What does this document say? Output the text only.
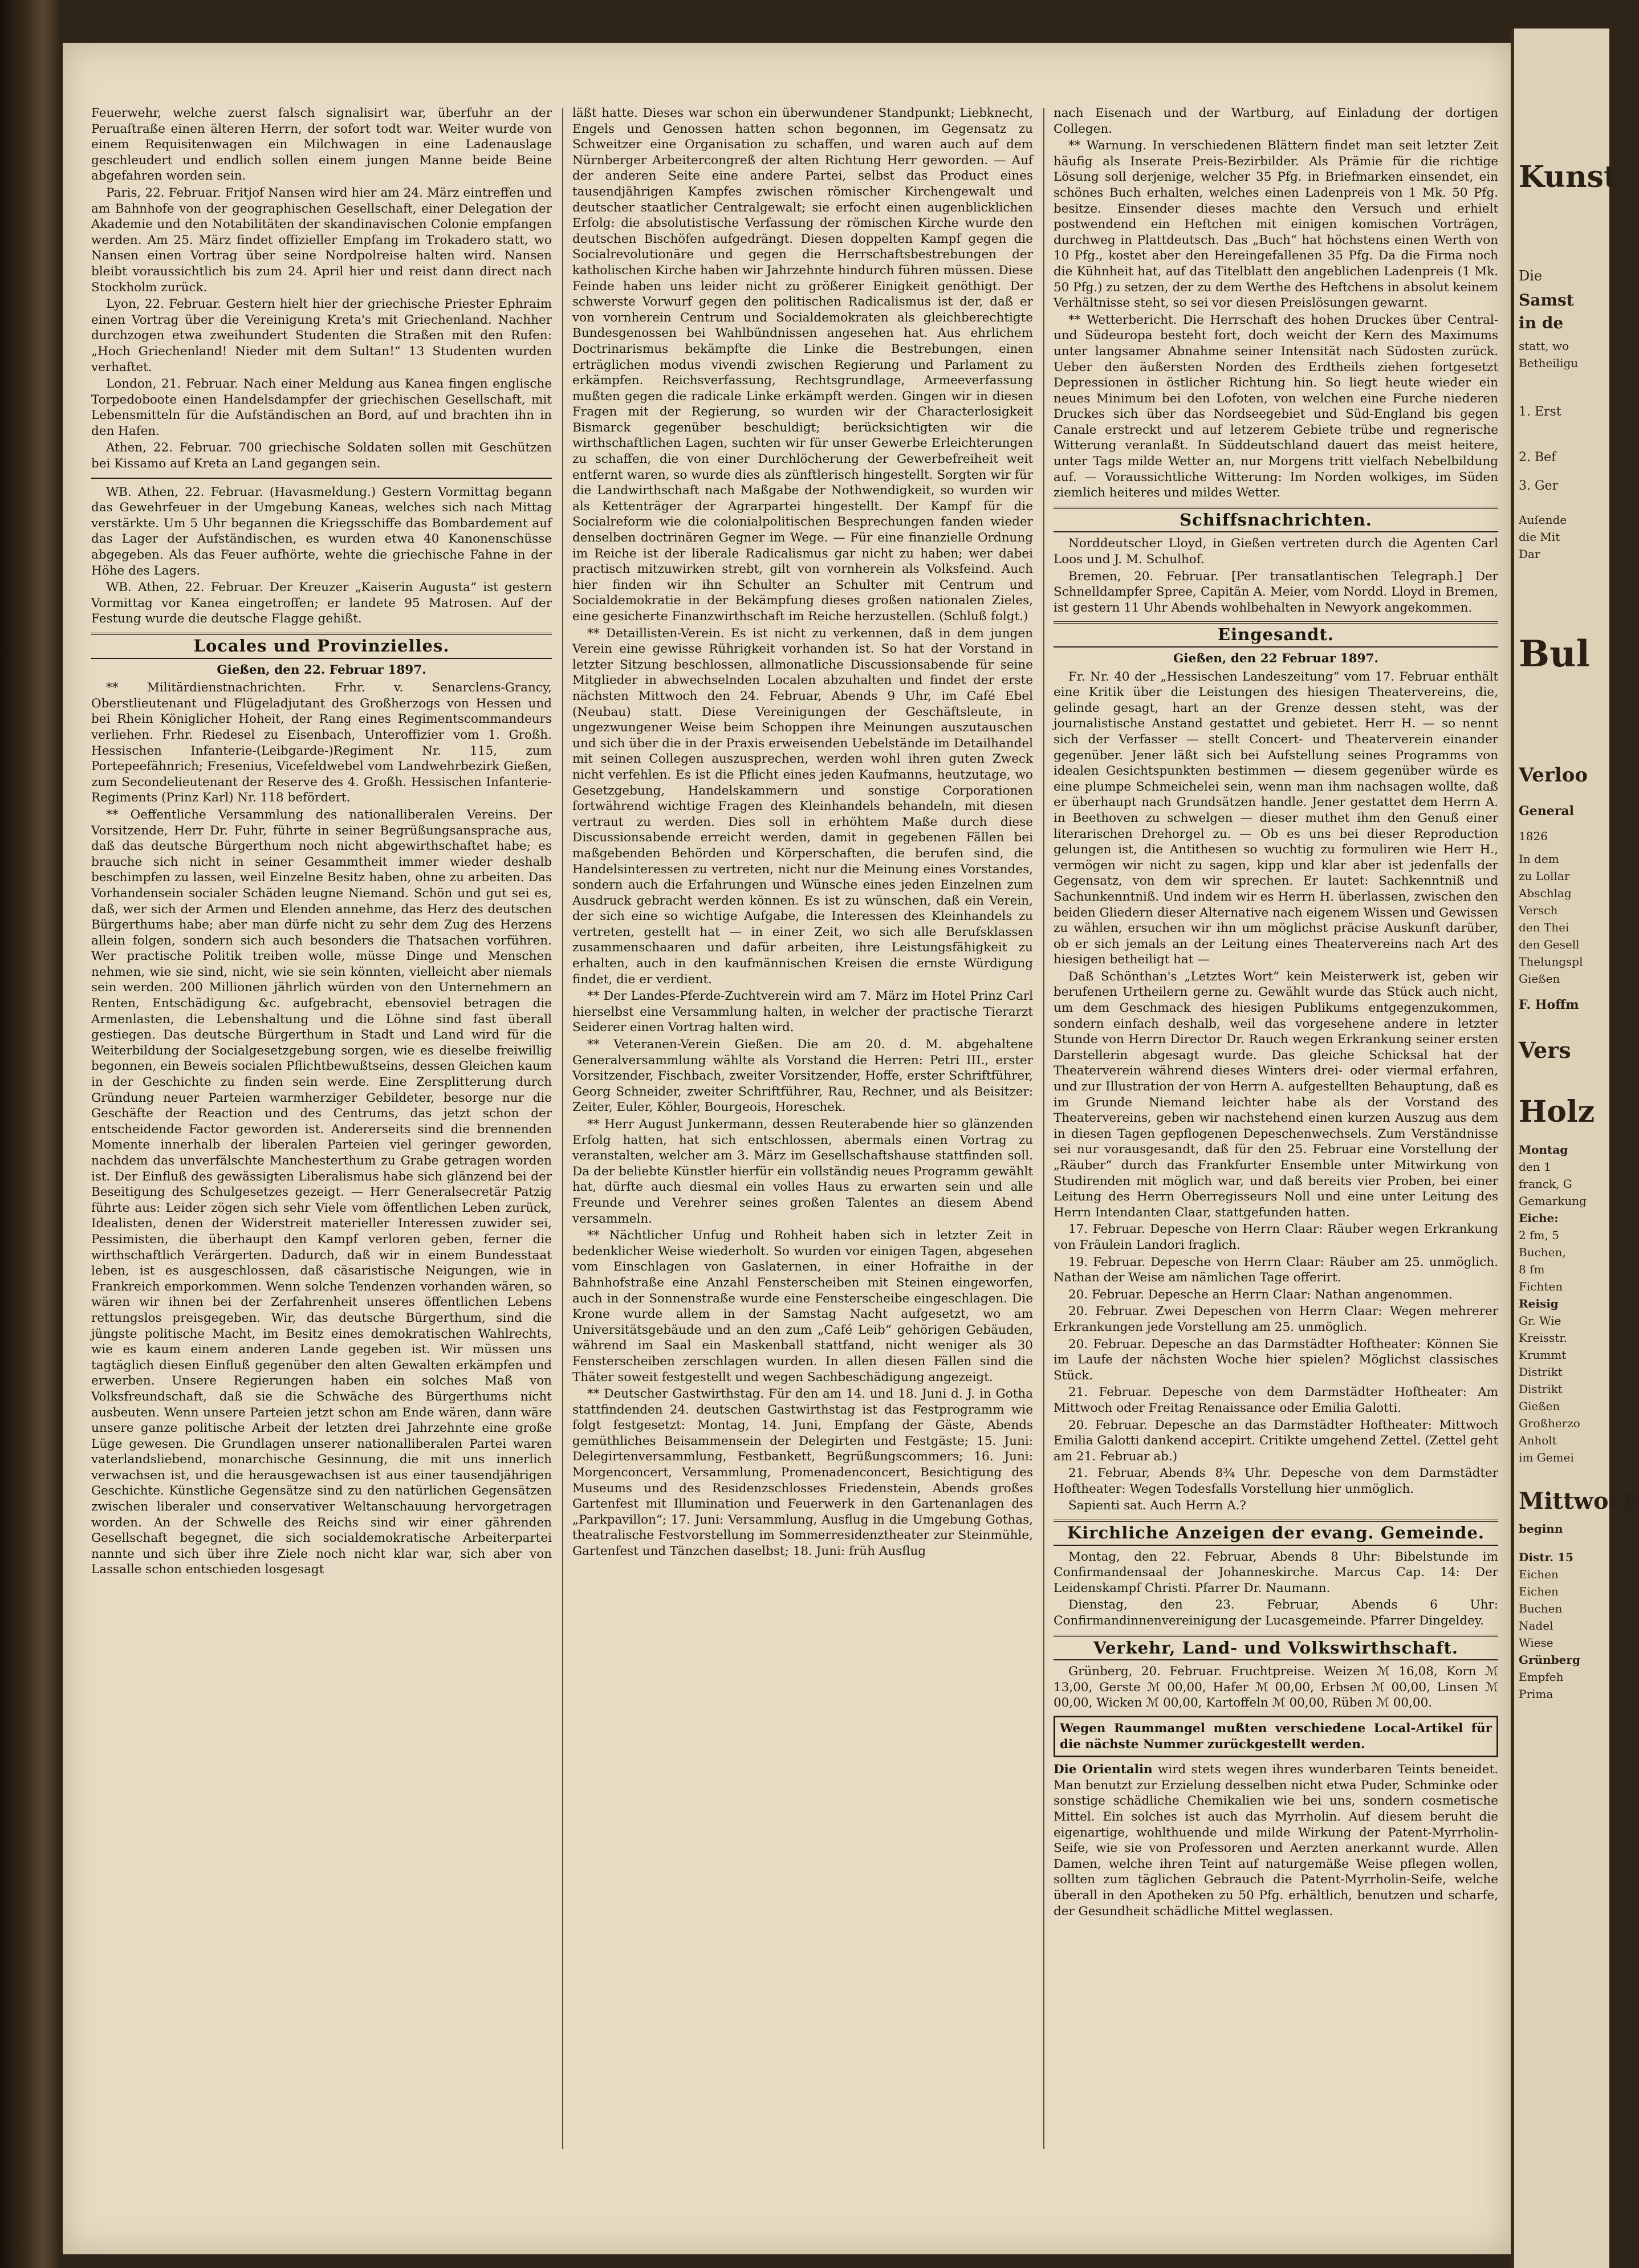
Feuerwehr, welche zuerst falsch signalisirt war, überfuhr an der Peruaſtraße einen älteren Herrn, der sofort todt war. Weiter wurde von einem Requisitenwagen ein Milchwagen in eine Ladenauslage geschleudert und endlich sollen einem jungen Manne beide Beine abgefahren worden sein.

Paris, 22. Februar. Fritjof Nansen wird hier am 24. März eintreffen und am Bahnhofe von der geographischen Gesellschaft, einer Delegation der Akademie und den Notabilitäten der skandinavischen Colonie empfangen werden. Am 25. März findet offizieller Empfang im Trokadero statt, wo Nansen einen Vortrag über seine Nordpolreise halten wird. Nansen bleibt voraussichtlich bis zum 24. April hier und reist dann direct nach Stockholm zurück.

Lyon, 22. Februar. Gestern hielt hier der griechische Priester Ephraim einen Vortrag über die Vereinigung Kreta's mit Griechenland. Nachher durchzogen etwa zweihundert Studenten die Straßen mit den Rufen: „Hoch Griechenland! Nieder mit dem Sultan!“ 13 Studenten wurden verhaftet.

London, 21. Februar. Nach einer Meldung aus Kanea fingen englische Torpedoboote einen Handelsdampfer der griechischen Gesellschaft, mit Lebensmitteln für die Aufständischen an Bord, auf und brachten ihn in den Hafen.

Athen, 22. Februar. 700 griechische Soldaten sollen mit Geschützen bei Kissamo auf Kreta an Land gegangen sein.

WB. Athen, 22. Februar. (Havasmeldung.) Gestern Vormittag begann das Gewehrfeuer in der Umgebung Kaneas, welches sich nach Mittag verstärkte. Um 5 Uhr begannen die Kriegsschiffe das Bombardement auf das Lager der Aufständischen, es wurden etwa 40 Kanonenschüsse abgegeben. Als das Feuer aufhörte, wehte die griechische Fahne in der Höhe des Lagers.

WB. Athen, 22. Februar. Der Kreuzer „Kaiserin Augusta“ ist gestern Vormittag vor Kanea eingetroffen; er landete 95 Matrosen. Auf der Festung wurde die deutsche Flagge gehißt.

Locales und Provinzielles.

Gießen, den 22. Februar 1897.

** Militärdienstnachrichten. Frhr. v. Senarclens-Grancy, Oberstlieutenant und Flügeladjutant des Großherzogs von Hessen und bei Rhein Königlicher Hoheit, der Rang eines Regimentscommandeurs verliehen. Frhr. Riedesel zu Eisenbach, Unteroffizier vom 1. Großh. Hessischen Infanterie-(Leibgarde-)Regiment Nr. 115, zum Portepeefähnrich; Fresenius, Vicefeldwebel vom Landwehrbezirk Gießen, zum Secondelieutenant der Reserve des 4. Großh. Hessischen Infanterie-Regiments (Prinz Karl) Nr. 118 befördert.

** Oeffentliche Versammlung des nationalliberalen Vereins. Der Vorsitzende, Herr Dr. Fuhr, führte in seiner Begrüßungsansprache aus, daß das deutsche Bürgerthum noch nicht abgewirthschaftet habe; es brauche sich nicht in seiner Gesammtheit immer wieder deshalb beschimpfen zu lassen, weil Einzelne Besitz haben, ohne zu arbeiten. Das Vorhandensein socialer Schäden leugne Niemand. Schön und gut sei es, daß, wer sich der Armen und Elenden annehme, das Herz des deutschen Bürgerthums habe; aber man dürfe nicht zu sehr dem Zug des Herzens allein folgen, sondern sich auch besonders die Thatsachen vorführen. Wer practische Politik treiben wolle, müsse Dinge und Menschen nehmen, wie sie sind, nicht, wie sie sein könnten, vielleicht aber niemals sein werden. 200 Millionen jährlich würden von den Unternehmern an Renten, Entschädigung &c. aufgebracht, ebensoviel betragen die Armenlasten, die Lebenshaltung und die Löhne sind fast überall gestiegen. Das deutsche Bürgerthum in Stadt und Land wird für die Weiterbildung der Socialgesetzgebung sorgen, wie es dieselbe freiwillig begonnen, ein Beweis socialen Pflichtbewußtseins, dessen Gleichen kaum in der Geschichte zu finden sein werde. Eine Zersplitterung durch Gründung neuer Parteien warmherziger Gebildeter, besorge nur die Geschäfte der Reaction und des Centrums, das jetzt schon der entscheidende Factor geworden ist. Andererseits sind die brennenden Momente innerhalb der liberalen Parteien viel geringer geworden, nachdem das unverfälschte Manchesterthum zu Grabe getragen worden ist. Der Einfluß des gewässigten Liberalismus habe sich glänzend bei der Beseitigung des Schulgesetzes gezeigt. — Herr Generalsecretär Patzig führte aus: Leider zögen sich sehr Viele vom öffentlichen Leben zurück, Idealisten, denen der Widerstreit materieller Interessen zuwider sei, Pessimisten, die überhaupt den Kampf verloren geben, ferner die wirthschaftlich Verärgerten. Dadurch, daß wir in einem Bundesstaat leben, ist es ausgeschlossen, daß cäsaristische Neigungen, wie in Frankreich emporkommen. Wenn solche Tendenzen vorhanden wären, so wären wir ihnen bei der Zerfahrenheit unseres öffentlichen Lebens rettungslos preisgegeben. Wir, das deutsche Bürgerthum, sind die jüngste politische Macht, im Besitz eines demokratischen Wahlrechts, wie es kaum einem anderen Lande gegeben ist. Wir müssen uns tagtäglich diesen Einfluß gegenüber den alten Gewalten erkämpfen und erwerben. Unsere Regierungen haben ein solches Maß von Volksfreundschaft, daß sie die Schwäche des Bürgerthums nicht ausbeuten. Wenn unsere Parteien jetzt schon am Ende wären, dann wäre unsere ganze politische Arbeit der letzten drei Jahrzehnte eine große Lüge gewesen. Die Grundlagen unserer nationalliberalen Partei waren vaterlandsliebend, monarchische Gesinnung, die mit uns innerlich verwachsen ist, und die herausgewachsen ist aus einer tausendjährigen Geschichte. Künstliche Gegensätze sind zu den natürlichen Gegensätzen zwischen liberaler und conservativer Weltanschauung hervorgetragen worden. An der Schwelle des Reichs sind wir einer gährenden Gesellschaft begegnet, die sich socialdemokratische Arbeiterpartei nannte und sich über ihre Ziele noch nicht klar war, sich aber von Lassalle schon entschieden losgesagt

läßt hatte. Dieses war schon ein überwundener Standpunkt; Liebknecht, Engels und Genossen hatten schon begonnen, im Gegensatz zu Schweitzer eine Organisation zu schaffen, und waren auch auf dem Nürnberger Arbeitercongreß der alten Richtung Herr geworden. — Auf der anderen Seite eine andere Partei, selbst das Product eines tausendjährigen Kampfes zwischen römischer Kirchengewalt und deutscher staatlicher Centralgewalt; sie erfocht einen augenblicklichen Erfolg: die absolutistische Verfassung der römischen Kirche wurde den deutschen Bischöfen aufgedrängt. Diesen doppelten Kampf gegen die Socialrevolutionäre und gegen die Herrschaftsbestrebungen der katholischen Kirche haben wir Jahrzehnte hindurch führen müssen. Diese Feinde haben uns leider nicht zu größerer Einigkeit genöthigt. Der schwerste Vorwurf gegen den politischen Radicalismus ist der, daß er von vornherein Centrum und Socialdemokraten als gleichberechtigte Bundesgenossen bei Wahlbündnissen angesehen hat. Aus ehrlichem Doctrinarismus bekämpfte die Linke die Bestrebungen, einen erträglichen modus vivendi zwischen Regierung und Parlament zu erkämpfen. Reichsverfassung, Rechtsgrundlage, Armeeverfassung mußten gegen die radicale Linke erkämpft werden. Gingen wir in diesen Fragen mit der Regierung, so wurden wir der Characterlosigkeit Bismarck gegenüber beschuldigt; berücksichtigten wir die wirthschaftlichen Lagen, suchten wir für unser Gewerbe Erleichterungen zu schaffen, die von einer Durchlöcherung der Gewerbefreiheit weit entfernt waren, so wurde dies als zünftlerisch hingestellt. Sorgten wir für die Landwirthschaft nach Maßgabe der Nothwendigkeit, so wurden wir als Kettenträger der Agrarpartei hingestellt. Der Kampf für die Socialreform wie die colonialpolitischen Besprechungen fanden wieder denselben doctrinären Gegner im Wege. — Für eine finanzielle Ordnung im Reiche ist der liberale Radicalismus gar nicht zu haben; wer dabei practisch mitzuwirken strebt, gilt von vornherein als Volksfeind. Auch hier finden wir ihn Schulter an Schulter mit Centrum und Socialdemokratie in der Bekämpfung dieses großen nationalen Zieles, eine gesicherte Finanzwirthschaft im Reiche herzustellen. (Schluß folgt.)

** Detaillisten-Verein. Es ist nicht zu verkennen, daß in dem jungen Verein eine gewisse Rührigkeit vorhanden ist. So hat der Vorstand in letzter Sitzung beschlossen, allmonatliche Discussionsabende für seine Mitglieder in abwechselnden Localen abzuhalten und findet der erste nächsten Mittwoch den 24. Februar, Abends 9 Uhr, im Café Ebel (Neubau) statt. Diese Vereinigungen der Geschäftsleute, in ungezwungener Weise beim Schoppen ihre Meinungen auszutauschen und sich über die in der Praxis erweisenden Uebelstände im Detailhandel mit seinen Collegen auszusprechen, werden wohl ihren guten Zweck nicht verfehlen. Es ist die Pflicht eines jeden Kaufmanns, heutzutage, wo Gesetzgebung, Handelskammern und sonstige Corporationen fortwährend wichtige Fragen des Kleinhandels behandeln, mit diesen vertraut zu werden. Dies soll in erhöhtem Maße durch diese Discussionsabende erreicht werden, damit in gegebenen Fällen bei maßgebenden Behörden und Körperschaften, die berufen sind, die Handelsinteressen zu vertreten, nicht nur die Meinung eines Vorstandes, sondern auch die Erfahrungen und Wünsche eines jeden Einzelnen zum Ausdruck gebracht werden können. Es ist zu wünschen, daß ein Verein, der sich eine so wichtige Aufgabe, die Interessen des Kleinhandels zu vertreten, gestellt hat — in einer Zeit, wo sich alle Berufsklassen zusammenschaaren und dafür arbeiten, ihre Leistungsfähigkeit zu erhalten, auch in den kaufmännischen Kreisen die ernste Würdigung findet, die er verdient.

** Der Landes-Pferde-Zuchtverein wird am 7. März im Hotel Prinz Carl hierselbst eine Versammlung halten, in welcher der practische Tierarzt Seiderer einen Vortrag halten wird.

** Veteranen-Verein Gießen. Die am 20. d. M. abgehaltene Generalversammlung wählte als Vorstand die Herren: Petri III., erster Vorsitzender, Fischbach, zweiter Vorsitzender, Hoffe, erster Schriftführer, Georg Schneider, zweiter Schriftführer, Rau, Rechner, und als Beisitzer: Zeiter, Euler, Köhler, Bourgeois, Horeschek.

** Herr August Junkermann, dessen Reuterabende hier so glänzenden Erfolg hatten, hat sich entschlossen, abermals einen Vortrag zu veranstalten, welcher am 3. März im Gesellschaftshause stattfinden soll. Da der beliebte Künstler hierfür ein vollständig neues Programm gewählt hat, dürfte auch diesmal ein volles Haus zu erwarten sein und alle Freunde und Verehrer seines großen Talentes an diesem Abend versammeln.

** Nächtlicher Unfug und Rohheit haben sich in letzter Zeit in bedenklicher Weise wiederholt. So wurden vor einigen Tagen, abgesehen vom Einschlagen von Gaslaternen, in einer Hofraithe in der Bahnhofstraße eine Anzahl Fensterscheiben mit Steinen eingeworfen, auch in der Sonnenstraße wurde eine Fensterscheibe eingeschlagen. Die Krone wurde allem in der Samstag Nacht aufgesetzt, wo am Universitätsgebäude und an den zum „Café Leib“ gehörigen Gebäuden, während im Saal ein Maskenball stattfand, nicht weniger als 30 Fensterscheiben zerschlagen wurden. In allen diesen Fällen sind die Thäter soweit festgestellt und wegen Sachbeschädigung angezeigt.

** Deutscher Gastwirthstag. Für den am 14. und 18. Juni d. J. in Gotha stattfindenden 24. deutschen Gastwirthstag ist das Festprogramm wie folgt festgesetzt: Montag, 14. Juni, Empfang der Gäste, Abends gemüthliches Beisammensein der Delegirten und Festgäste; 15. Juni: Delegirtenversammlung, Festbankett, Begrüßungscommers; 16. Juni: Morgenconcert, Versammlung, Promenadenconcert, Besichtigung des Museums und des Residenzschlosses Friedenstein, Abends großes Gartenfest mit Illumination und Feuerwerk in den Gartenanlagen des „Parkpavillon“; 17. Juni: Versammlung, Ausflug in die Umgebung Gothas, theatralische Festvorstellung im Sommerresidenztheater zur Steinmühle, Gartenfest und Tänzchen daselbst; 18. Juni: früh Ausflug

nach Eisenach und der Wartburg, auf Einladung der dortigen Collegen.

** Warnung. In verschiedenen Blättern findet man seit letzter Zeit häufig als Inserate Preis-Bezirbilder. Als Prämie für die richtige Lösung soll derjenige, welcher 35 Pfg. in Briefmarken einsendet, ein schönes Buch erhalten, welches einen Ladenpreis von 1 Mk. 50 Pfg. besitze. Einsender dieses machte den Versuch und erhielt postwendend ein Heftchen mit einigen komischen Vorträgen, durchweg in Plattdeutsch. Das „Buch“ hat höchstens einen Werth von 10 Pfg., kostet aber den Hereingefallenen 35 Pfg. Da die Firma noch die Kühnheit hat, auf das Titelblatt den angeblichen Ladenpreis (1 Mk. 50 Pfg.) zu setzen, der zu dem Werthe des Heftchens in absolut keinem Verhältnisse steht, so sei vor diesen Preislösungen gewarnt.

** Wetterbericht. Die Herrschaft des hohen Druckes über Central- und Südeuropa besteht fort, doch weicht der Kern des Maximums unter langsamer Abnahme seiner Intensität nach Südosten zurück. Ueber den äußersten Norden des Erdtheils ziehen fortgesetzt Depressionen in östlicher Richtung hin. So liegt heute wieder ein neues Minimum bei den Lofoten, von welchen eine Furche niederen Druckes sich über das Nordseegebiet und Süd-England bis gegen Canale erstreckt und auf letzerem Gebiete trübe und regnerische Witterung veranlaßt. In Süddeutschland dauert das meist heitere, unter Tags milde Wetter an, nur Morgens tritt vielfach Nebelbildung auf. — Voraussichtliche Witterung: Im Norden wolkiges, im Süden ziemlich heiteres und mildes Wetter.

Schiffsnachrichten.

Norddeutscher Lloyd, in Gießen vertreten durch die Agenten Carl Loos und J. M. Schulhof.

Bremen, 20. Februar. [Per transatlantischen Telegraph.] Der Schnelldampfer Spree, Capitän A. Meier, vom Nordd. Lloyd in Bremen, ist gestern 11 Uhr Abends wohlbehalten in Newyork angekommen.

Eingesandt.

Gießen, den 22 Februar 1897.

Fr. Nr. 40 der „Hessischen Landeszeitung“ vom 17. Februar enthält eine Kritik über die Leistungen des hiesigen Theatervereins, die, gelinde gesagt, hart an der Grenze dessen steht, was der journalistische Anstand gestattet und gebietet. Herr H. — so nennt sich der Verfasser — stellt Concert- und Theaterverein einander gegenüber. Jener läßt sich bei Aufstellung seines Programms von idealen Gesichtspunkten bestimmen — diesem gegenüber würde es eine plumpe Schmeichelei sein, wenn man ihm nachsagen wollte, daß er überhaupt nach Grundsätzen handle. Jener gestattet dem Herrn A. in Beethoven zu schwelgen — dieser muthet ihm den Genuß einer literarischen Drehorgel zu. — Ob es uns bei dieser Reproduction gelungen ist, die Antithesen so wuchtig zu formuliren wie Herr H., vermögen wir nicht zu sagen, kipp und klar aber ist jedenfalls der Gegensatz, von dem wir sprechen. Er lautet: Sachkenntniß und Sachunkenntniß. Und indem wir es Herrn H. überlassen, zwischen den beiden Gliedern dieser Alternative nach eigenem Wissen und Gewissen zu wählen, ersuchen wir ihn um möglichst präcise Auskunft darüber, ob er sich jemals an der Leitung eines Theatervereins nach Art des hiesigen betheiligt hat —

Daß Schönthan's „Letztes Wort“ kein Meisterwerk ist, geben wir berufenen Urtheilern gerne zu. Gewählt wurde das Stück auch nicht, um dem Geschmack des hiesigen Publikums entgegenzukommen, sondern einfach deshalb, weil das vorgesehene andere in letzter Stunde von Herrn Director Dr. Rauch wegen Erkrankung seiner ersten Darstellerin abgesagt wurde. Das gleiche Schicksal hat der Theaterverein während dieses Winters drei- oder viermal erfahren, und zur Illustration der von Herrn A. aufgestellten Behauptung, daß es im Grunde Niemand leichter habe als der Vorstand des Theatervereins, geben wir nachstehend einen kurzen Auszug aus dem in diesen Tagen gepflogenen Depeschenwechsels. Zum Verständnisse sei nur vorausgesandt, daß für den 25. Februar eine Vorstellung der „Räuber“ durch das Frankfurter Ensemble unter Mitwirkung von Studirenden mit möglich war, und daß bereits vier Proben, bei einer Leitung des Herrn Oberregisseurs Noll und eine unter Leitung des Herrn Intendanten Claar, stattgefunden hatten.

17. Februar. Depesche von Herrn Claar: Räuber wegen Erkrankung von Fräulein Landori fraglich.

19. Februar. Depesche von Herrn Claar: Räuber am 25. unmöglich. Nathan der Weise am nämlichen Tage offerirt.

20. Februar. Depesche an Herrn Claar: Nathan angenommen.

20. Februar. Zwei Depeschen von Herrn Claar: Wegen mehrerer Erkrankungen jede Vorstellung am 25. unmöglich.

20. Februar. Depesche an das Darmstädter Hoftheater: Können Sie im Laufe der nächsten Woche hier spielen? Möglichst classisches Stück.

21. Februar. Depesche von dem Darmstädter Hoftheater: Am Mittwoch oder Freitag Renaissance oder Emilia Galotti.

20. Februar. Depesche an das Darmstädter Hoftheater: Mittwoch Emilia Galotti dankend accepirt. Critikte umgehend Zettel. (Zettel geht am 21. Februar ab.)

21. Februar, Abends 8¾ Uhr. Depesche von dem Darmstädter Hoftheater: Wegen Todesfalls Vorstellung hier unmöglich.

Sapienti sat. Auch Herrn A.?

Kirchliche Anzeigen der evang. Gemeinde.

Montag, den 22. Februar, Abends 8 Uhr: Bibelstunde im Confirmandensaal der Johanneskirche. Marcus Cap. 14: Der Leidenskampf Christi. Pfarrer Dr. Naumann.

Dienstag, den 23. Februar, Abends 6 Uhr: Confirmandinnenvereinigung der Lucasgemeinde. Pfarrer Dingeldey.

Verkehr, Land- und Volkswirthschaft.

Grünberg, 20. Februar. Fruchtpreise. Weizen ℳ 16,08, Korn ℳ 13,00, Gerste ℳ 00,00, Hafer ℳ 00,00, Erbsen ℳ 00,00, Linsen ℳ 00,00, Wicken ℳ 00,00, Kartoffeln ℳ 00,00, Rüben ℳ 00,00.

Wegen Raummangel mußten verschiedene Local-Artikel für die nächste Nummer zurückgestellt werden.

Die Orientalin wird stets wegen ihres wunderbaren Teints beneidet. Man benutzt zur Erzielung desselben nicht etwa Puder, Schminke oder sonstige schädliche Chemikalien wie bei uns, sondern cosmetische Mittel. Ein solches ist auch das Myrrholin. Auf diesem beruht die eigenartige, wohlthuende und milde Wirkung der Patent-Myrrholin-Seife, wie sie von Professoren und Aerzten anerkannt wurde. Allen Damen, welche ihren Teint auf naturgemäße Weise pflegen wollen, sollten zum täglichen Gebrauch die Patent-Myrrholin-Seife, welche überall in den Apotheken zu 50 Pfg. erhältlich, benutzen und scharfe, der Gesundheit schädliche Mittel weglassen.

Kunst
Die
Samst
in de
statt, wo
Betheiligu
1. Erst
2. Bef
3. Ger
Auſende
die Mit
Dar
Bul
Verloo
General
1826
In dem
zu Lollar
Abschlag
Versch
den Thei
den Gesell
Thelungspl
Gießen
F. Hoffm
Vers
Holz
Montag
den 1
franck, G
Gemarkung
Eiche:
2 fm, 5
Buchen,
8 fm
Fichten
Reisig
Gr. Wie
Kreisstr.
Krummt
Distrikt
Distrikt
Gießen
Großherzo
Anholt
im Gemei
Mittwoch
beginn
Distr. 15
Eichen
Eichen
Buchen
Nadel
Wiese
Grünberg
Empfeh
Prima
